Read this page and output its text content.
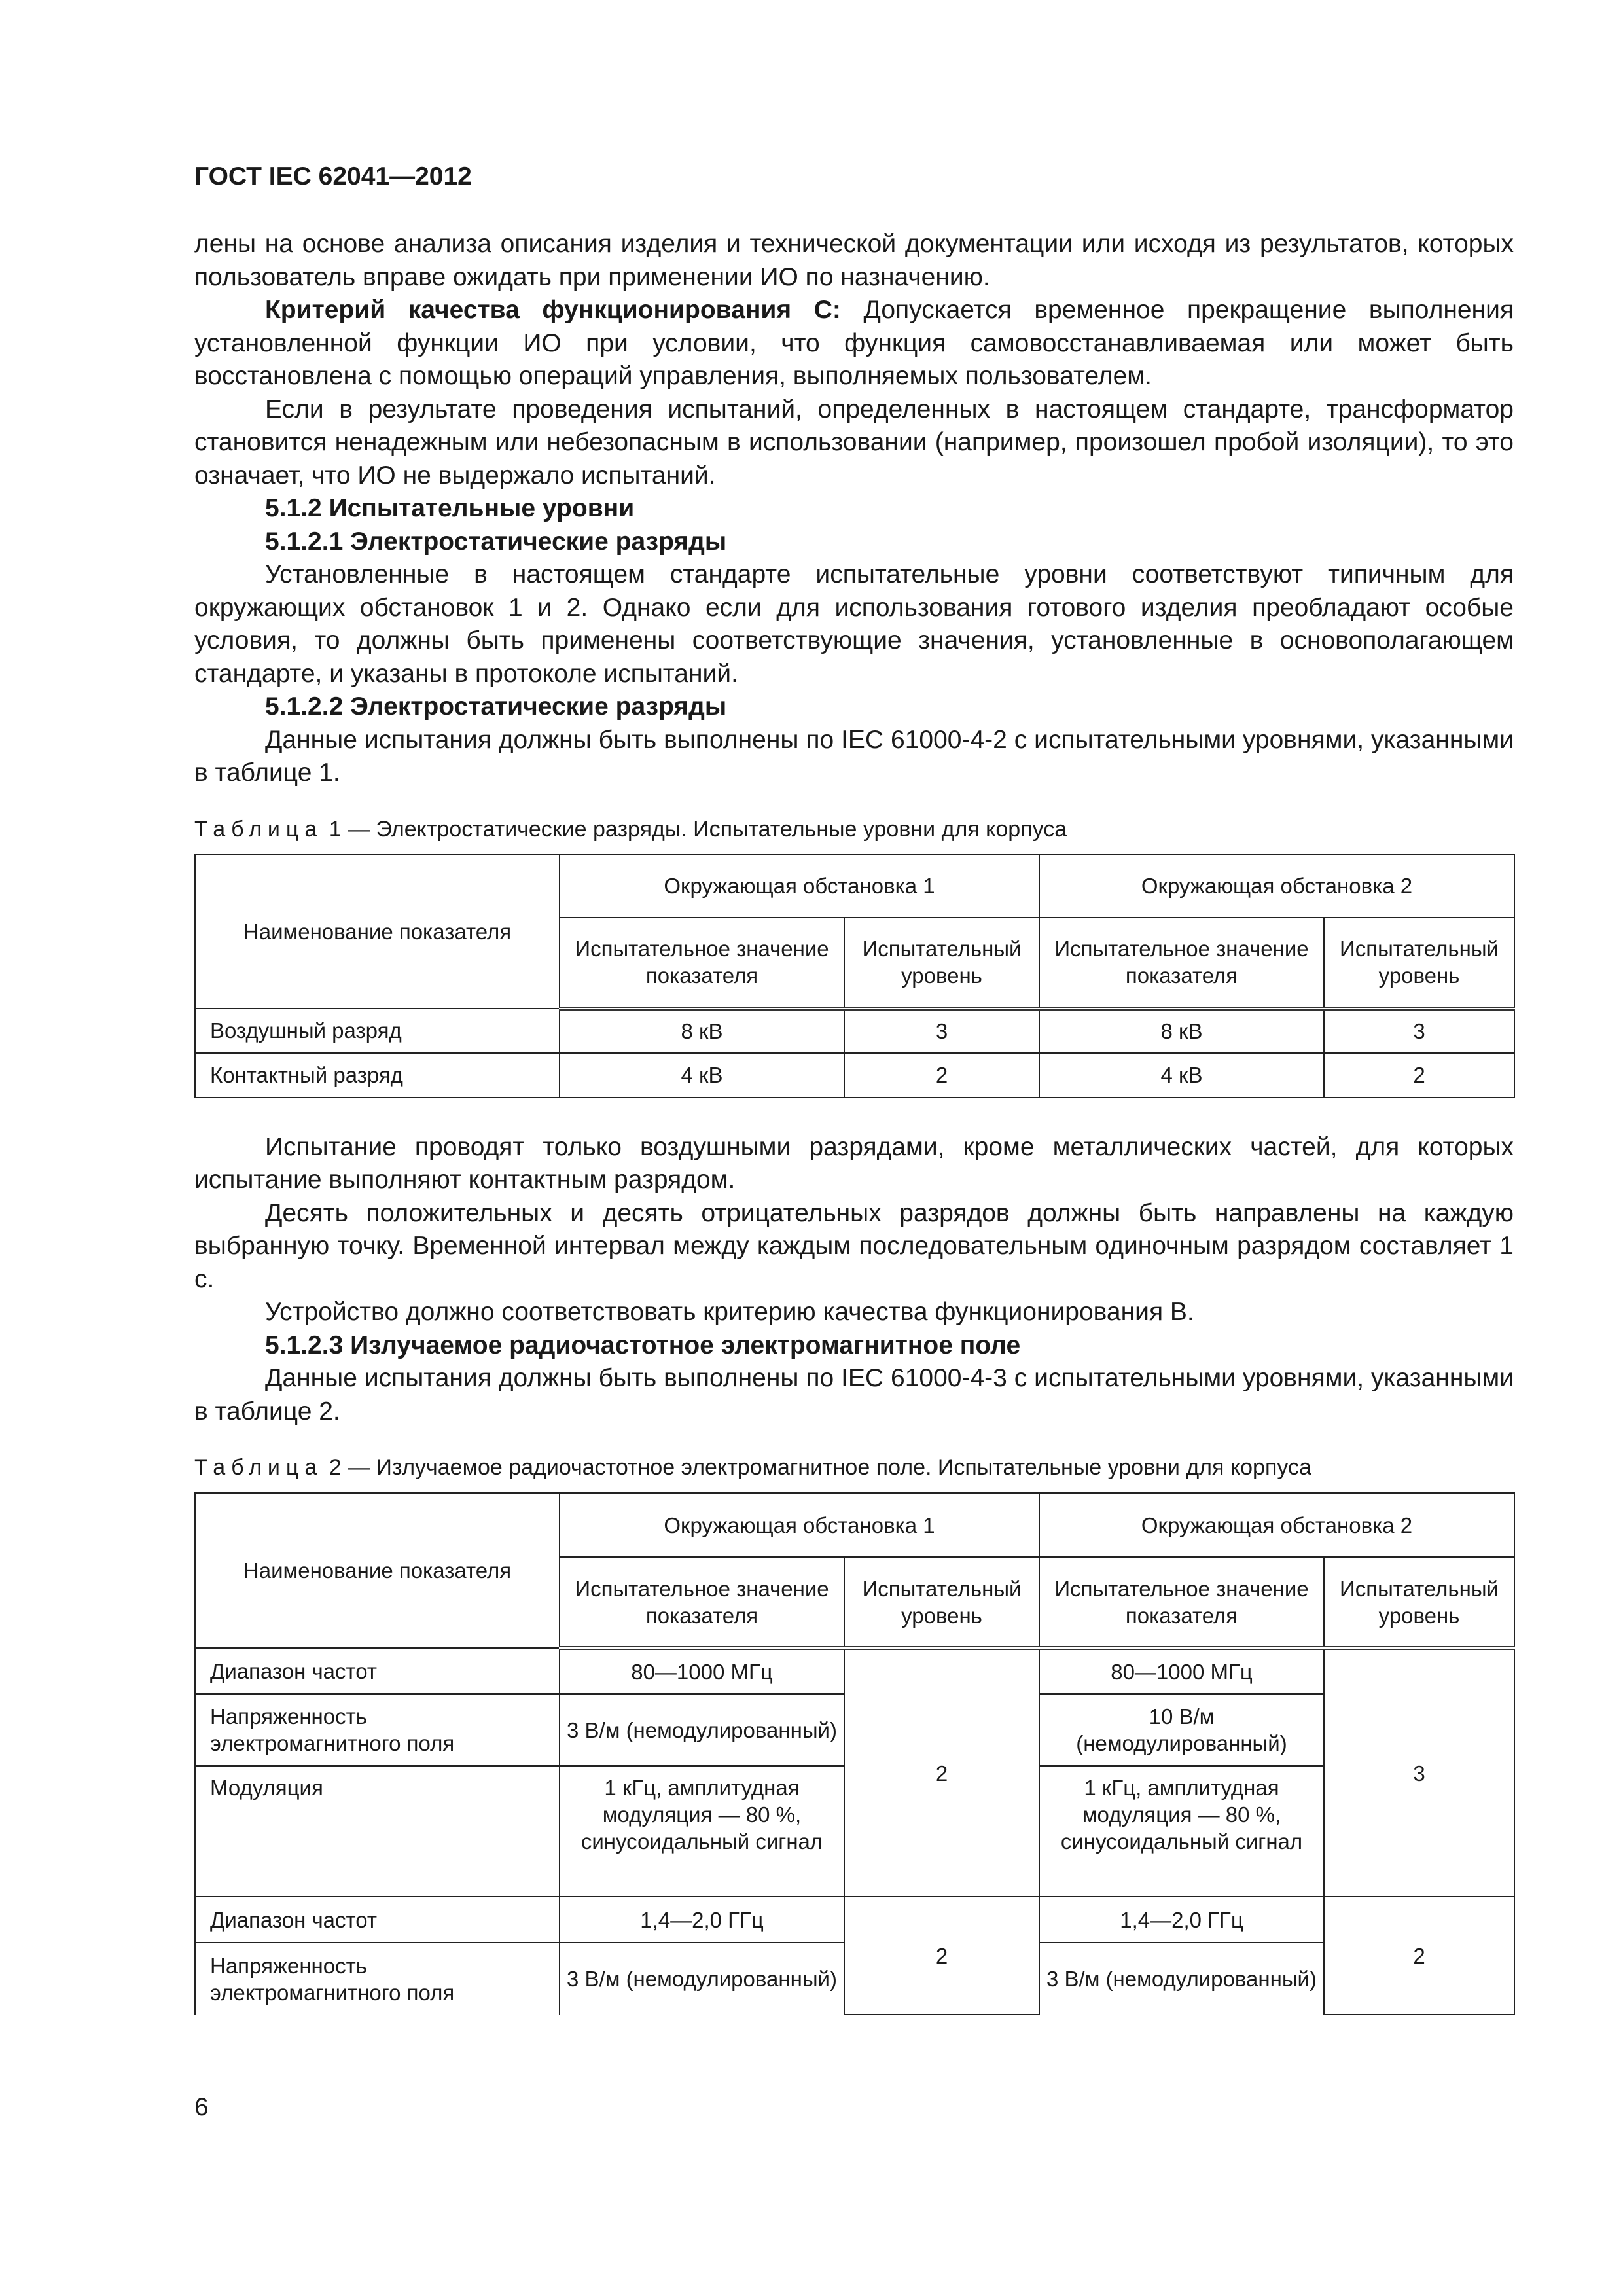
ГОСТ IEC 62041—2012

лены на основе анализа описания изделия и технической документации или исходя из результатов, которых пользователь вправе ожидать при применении ИО по назначению.

Критерий качества функционирования С: Допускается временное прекращение выполнения установленной функции ИО при условии, что функция самовосстанавливаемая или может быть восстановлена с помощью операций управления, выполняемых пользователем.

Если в результате проведения испытаний, определенных в настоящем стандарте, трансформатор становится ненадежным или небезопасным в использовании (например, произошел пробой изоляции), то это означает, что ИО не выдержало испытаний.

5.1.2 Испытательные уровни

5.1.2.1 Электростатические разряды

Установленные в настоящем стандарте испытательные уровни соответствуют типичным для окружающих обстановок 1 и 2. Однако если для использования готового изделия преобладают особые условия, то должны быть применены соответствующие значения, установленные в основополагающем стандарте, и указаны в протоколе испытаний.

5.1.2.2 Электростатические разряды

Данные испытания должны быть выполнены по IEC 61000-4-2 с испытательными уровнями, указанными в таблице 1.

Таблица 1 — Электростатические разряды. Испытательные уровни для корпуса
Наименование показателя	Окружающая обстановка 1		Окружающая обстановка 2	
	Испытательное значение показателя	Испытательный уровень	Испытательное значение показателя	Испытательный уровень
Воздушный разряд	8 кВ	3	8 кВ	3
Контактный разряд	4 кВ	2	4 кВ	2

Испытание проводят только воздушными разрядами, кроме металлических частей, для которых испытание выполняют контактным разрядом.

Десять положительных и десять отрицательных разрядов должны быть направлены на каждую выбранную точку. Временной интервал между каждым последовательным одиночным разрядом составляет 1 с.

Устройство должно соответствовать критерию качества функционирования В.

5.1.2.3 Излучаемое радиочастотное электромагнитное поле

Данные испытания должны быть выполнены по IEC 61000-4-3 с испытательными уровнями, указанными в таблице 2.

Таблица 2 — Излучаемое радиочастотное электромагнитное поле. Испытательные уровни для корпуса
Наименование показателя	Окружающая обстановка 1		Окружающая обстановка 2	
	Испытательное значение показателя	Испытательный уровень	Испытательное значение показателя	Испытательный уровень
Диапазон частот	80—1000 МГц	2	80—1000 МГц	3
Напряженность электромагнитного поля	3 В/м (немодулированный)		10 В/м (немодулированный)	
Модуляция	1 кГц, амплитудная модуляция — 80 %, синусоидальный сигнал		1 кГц, амплитудная модуляция — 80 %, синусоидальный сигнал	
Диапазон частот	1,4—2,0 ГГц	2	1,4—2,0 ГГц	2
Напряженность электромагнитного поля	3 В/м (немодулированный)		3 В/м (немодулированный)	
6
